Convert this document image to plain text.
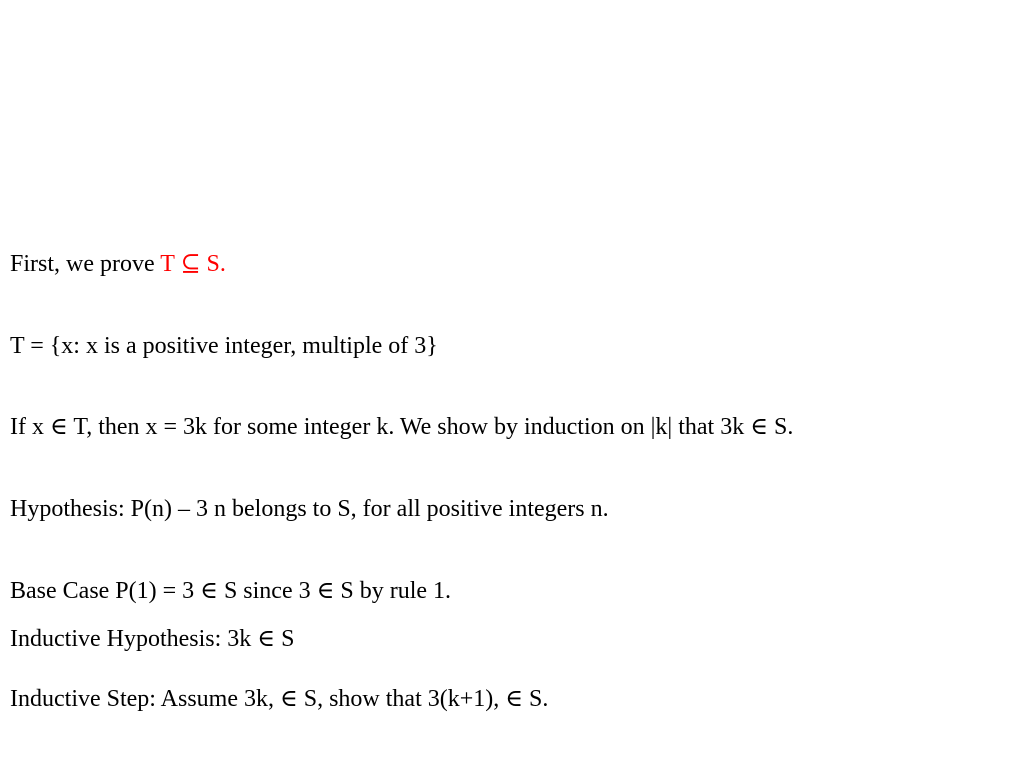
First, we prove T ⊆ S.
T = {x: x is a positive integer, multiple of 3}
If x ∈ T, then x = 3k for some integer k. We show by induction on |k| that 3k ∈ S.
Hypothesis: P(n) – 3 n belongs to S, for all positive integers n.
Base Case P(1) = 3 ∈ S since 3 ∈ S by rule 1.
Inductive Hypothesis: 3k ∈ S
Inductive Step: Assume 3k, ∈ S, show that 3(k+1), ∈ S.
